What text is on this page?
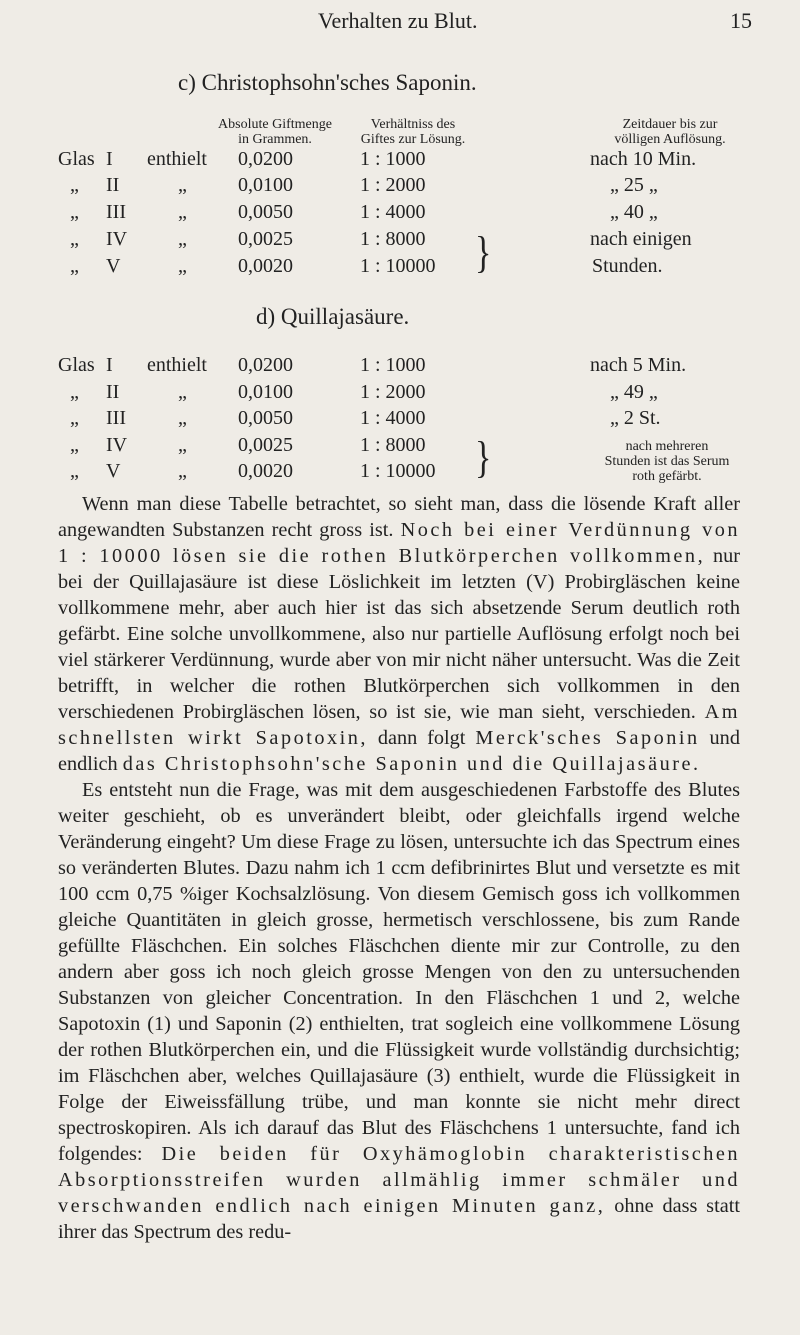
Verhalten zu Blut.	15
c) Christophsohn'sches Saponin.
Absolute Giftmenge
in Grammen.
Verhältniss des
Giftes zur Lösung.
Zeitdauer bis zur
völligen Auflösung.
Glas I enthielt 0,0200	1 : 1000	nach 10 Min.
„ II	„	0,0100	1 : 2000	„ 25 „
„ III	„	0,0050	1 : 4000	„ 40 „
„ IV	„	0,0025	1 : 8000	nach einigen
„ V	„	0,0020	1 : 10000	Stunden.
}
d) Quillajasäure.
Glas I enthielt 0,0200	1 : 1000	nach 5 Min.
„ II	„	0,0100	1 : 2000	„ 49 „
„ III	„	0,0050	1 : 4000	„ 2 St.
„ IV	„	0,0025	1 : 8000
„ V	„	0,0020	1 : 10000 }	nach mehreren
Stunden ist das Serum
roth gefärbt.

Wenn man diese Tabelle betrachtet, so sieht man, dass die lösende Kraft aller angewandten Substanzen recht gross ist. Noch bei einer Verdünnung von 1 : 10000 lösen sie die rothen Blutkörperchen vollkommen, nur bei der Quillajasäure ist diese Löslichkeit im letzten (V) Probirgläschen keine vollkommene mehr, aber auch hier ist das sich absetzende Serum deutlich roth gefärbt. Eine solche unvollkommene, also nur partielle Auflösung erfolgt noch bei viel stärkerer Verdünnung, wurde aber von mir nicht näher untersucht. Was die Zeit betrifft, in welcher die rothen Blutkörperchen sich vollkommen in den verschiedenen Probirgläschen lösen, so ist sie, wie man sieht, verschieden. Am schnellsten wirkt Sapotoxin, dann folgt Merck'sches Saponin und endlich das Christophsohn'sche Saponin und die Quillajasäure.

Es entsteht nun die Frage, was mit dem ausgeschiedenen Farbstoffe des Blutes weiter geschieht, ob es unverändert bleibt, oder gleichfalls irgend welche Veränderung eingeht? Um diese Frage zu lösen, untersuchte ich das Spectrum eines so veränderten Blutes. Dazu nahm ich 1 ccm defibrinirtes Blut und versetzte es mit 100 ccm 0,75 %iger Kochsalzlösung. Von diesem Gemisch goss ich vollkommen gleiche Quantitäten in gleich grosse, hermetisch verschlossene, bis zum Rande gefüllte Fläschchen. Ein solches Fläschchen diente mir zur Controlle, zu den andern aber goss ich noch gleich grosse Mengen von den zu untersuchenden Substanzen von gleicher Concentration. In den Fläschchen 1 und 2, welche Sapotoxin (1) und Saponin (2) enthielten, trat sogleich eine vollkommene Lösung der rothen Blutkörperchen ein, und die Flüssigkeit wurde vollständig durchsichtig; im Fläschchen aber, welches Quillajasäure (3) enthielt, wurde die Flüssigkeit in Folge der Eiweissfällung trübe, und man konnte sie nicht mehr direct spectroskopiren. Als ich darauf das Blut des Fläschchens 1 untersuchte, fand ich folgendes: Die beiden für Oxyhämoglobin charakteristischen Absorptionsstreifen wurden allmählig immer schmäler und verschwanden endlich nach einigen Minuten ganz, ohne dass statt ihrer das Spectrum des redu-
